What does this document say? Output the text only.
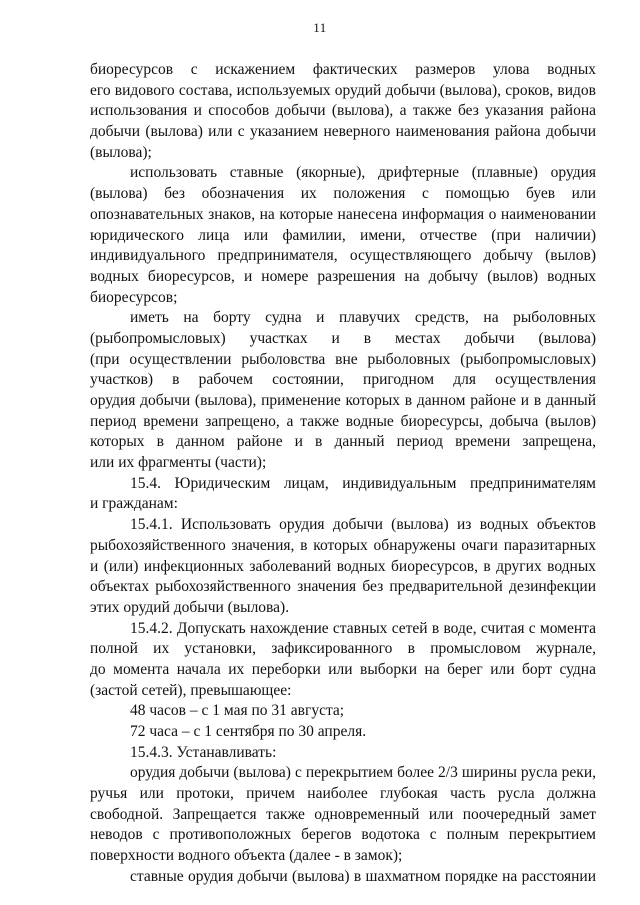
11
биоресурсов с искажением фактических размеров улова водных
его видового состава, используемых орудий добычи (вылова), сроков, видов
использования и способов добычи (вылова), а также без указания района
добычи (вылова) или с указанием неверного наименования района добычи
(вылова);
использовать ставные (якорные), дрифтерные (плавные) орудия
(вылова) без обозначения их положения с помощью буев или
опознавательных знаков, на которые нанесена информация о наименовании
юридического лица или фамилии, имени, отчестве (при наличии)
индивидуального предпринимателя, осуществляющего добычу (вылов)
водных биоресурсов, и номере разрешения на добычу (вылов) водных
биоресурсов;
иметь на борту судна и плавучих средств, на рыболовных
(рыбопромысловых) участках и в местах добычи (вылова)
(при осуществлении рыболовства вне рыболовных (рыбопромысловых)
участков) в рабочем состоянии, пригодном для осуществления
орудия добычи (вылова), применение которых в данном районе и в данный
период времени запрещено, а также водные биоресурсы, добыча (вылов)
которых в данном районе и в данный период времени запрещена,
или их фрагменты (части);
15.4. Юридическим лицам, индивидуальным предпринимателям
и гражданам:
15.4.1. Использовать орудия добычи (вылова) из водных объектов
рыбохозяйственного значения, в которых обнаружены очаги паразитарных
и (или) инфекционных заболеваний водных биоресурсов, в других водных
объектах рыбохозяйственного значения без предварительной дезинфекции
этих орудий добычи (вылова).
15.4.2. Допускать нахождение ставных сетей в воде, считая с момента
полной их установки, зафиксированного в промысловом журнале,
до момента начала их переборки или выборки на берег или борт судна
(застой сетей), превышающее:
48 часов – с 1 мая по 31 августа;
72 часа – с 1 сентября по 30 апреля.
15.4.3. Устанавливать:
орудия добычи (вылова) с перекрытием более 2/3 ширины русла реки,
ручья или протоки, причем наиболее глубокая часть русла должна
свободной. Запрещается также одновременный или поочередный замет
неводов с противоположных берегов водотока с полным перекрытием
поверхности водного объекта (далее - в замок);
ставные орудия добычи (вылова) в шахматном порядке на расстоянии
